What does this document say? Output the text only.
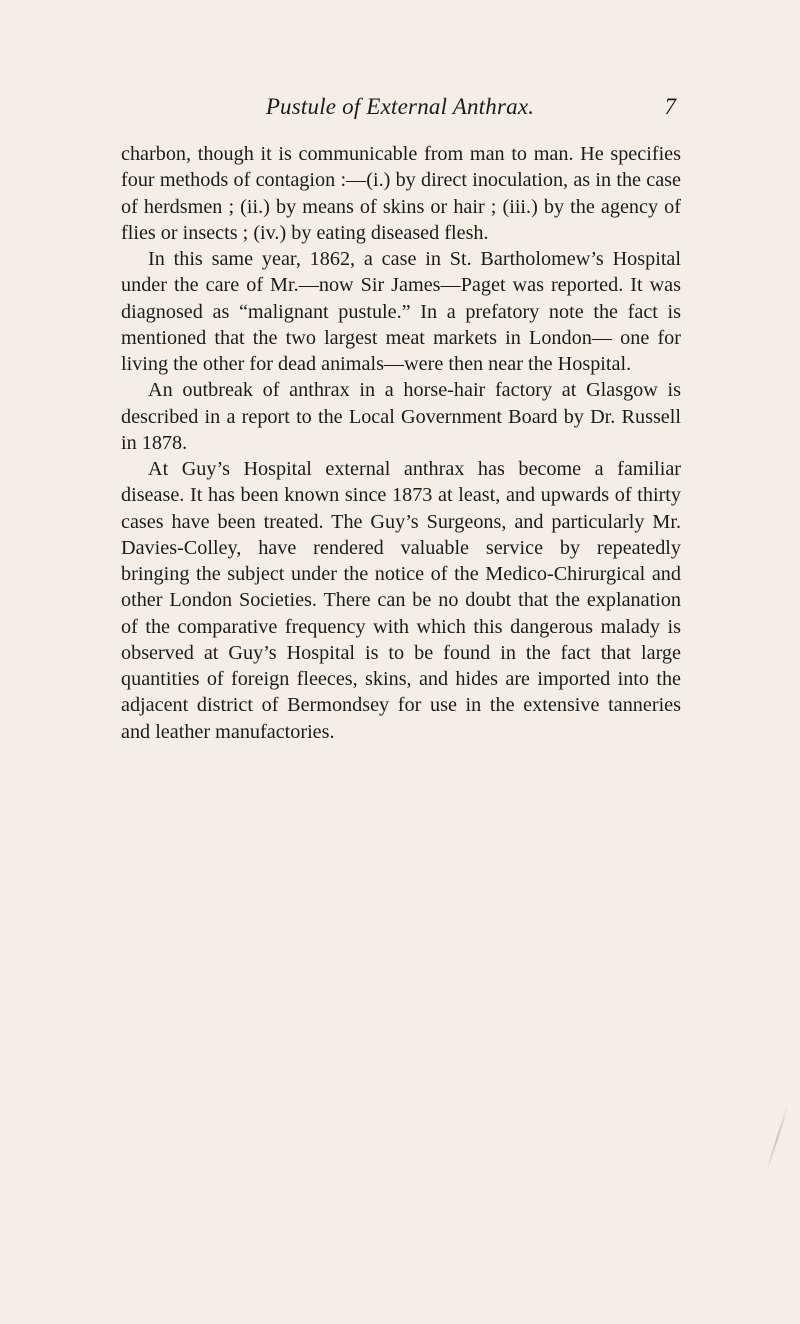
Pustule of External Anthrax.	7

charbon, though it is communicable from man to man. He specifies four methods of contagion :—(i.) by direct inoculation, as in the case of herdsmen ; (ii.) by means of skins or hair ; (iii.) by the agency of flies or insects ; (iv.) by eating diseased flesh.

In this same year, 1862, a case in St. Bartholomew’s Hospital under the care of Mr.—now Sir James—Paget was reported. It was diagnosed as “malignant pustule.” In a prefatory note the fact is mentioned that the two largest meat markets in London— one for living the other for dead animals—were then near the Hospital.

An outbreak of anthrax in a horse-hair factory at Glasgow is described in a report to the Local Government Board by Dr. Russell in 1878.

At Guy’s Hospital external anthrax has become a familiar disease. It has been known since 1873 at least, and upwards of thirty cases have been treated. The Guy’s Surgeons, and particularly Mr. Davies-Colley, have rendered valuable service by repeatedly bringing the subject under the notice of the Medico-Chirurgical and other London Societies. There can be no doubt that the explanation of the comparative frequency with which this dangerous malady is observed at Guy’s Hospital is to be found in the fact that large quantities of foreign fleeces, skins, and hides are imported into the adjacent district of Bermondsey for use in the extensive tanneries and leather manufactories.
